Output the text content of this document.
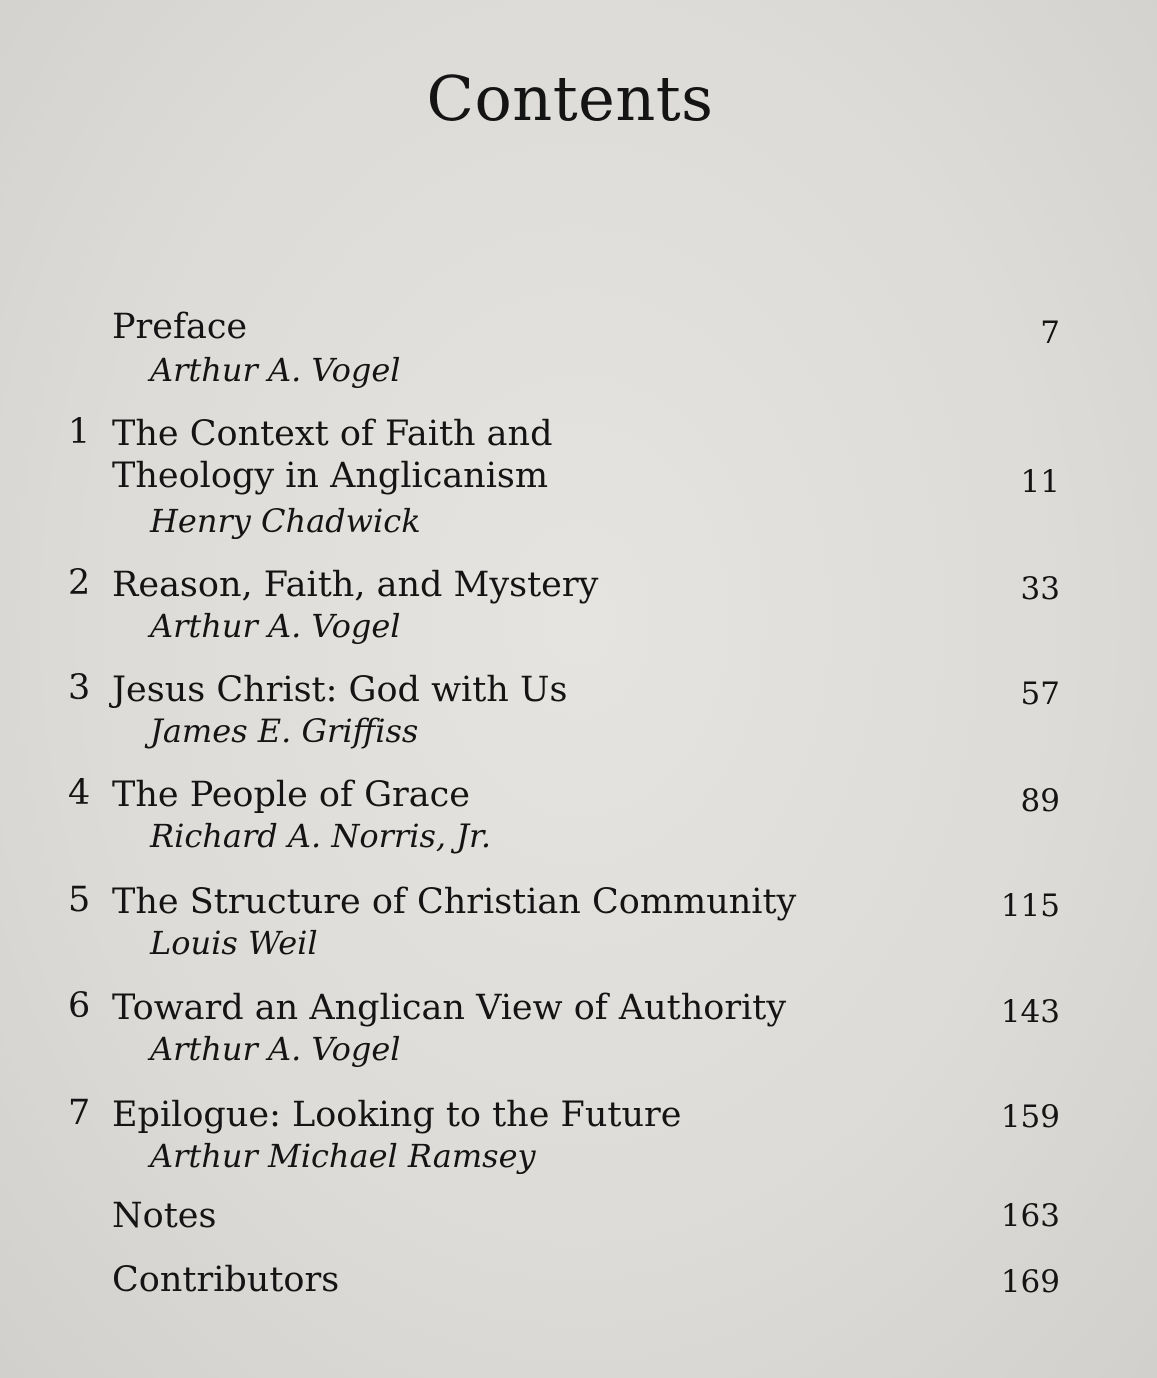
Contents
Preface	7
Arthur A. Vogel
1 The Context of Faith and
Theology in Anglicanism	11
Henry Chadwick
2 Reason, Faith, and Mystery	33
Arthur A. Vogel
3 Jesus Christ: God with Us	57
James E. Griffiss
4 The People of Grace	89
Richard A. Norris, Jr.
5 The Structure of Christian Community	115
Louis Weil
6 Toward an Anglican View of Authority	143
Arthur A. Vogel
7 Epilogue: Looking to the Future	159
Arthur Michael Ramsey
Notes	163
Contributors	169
